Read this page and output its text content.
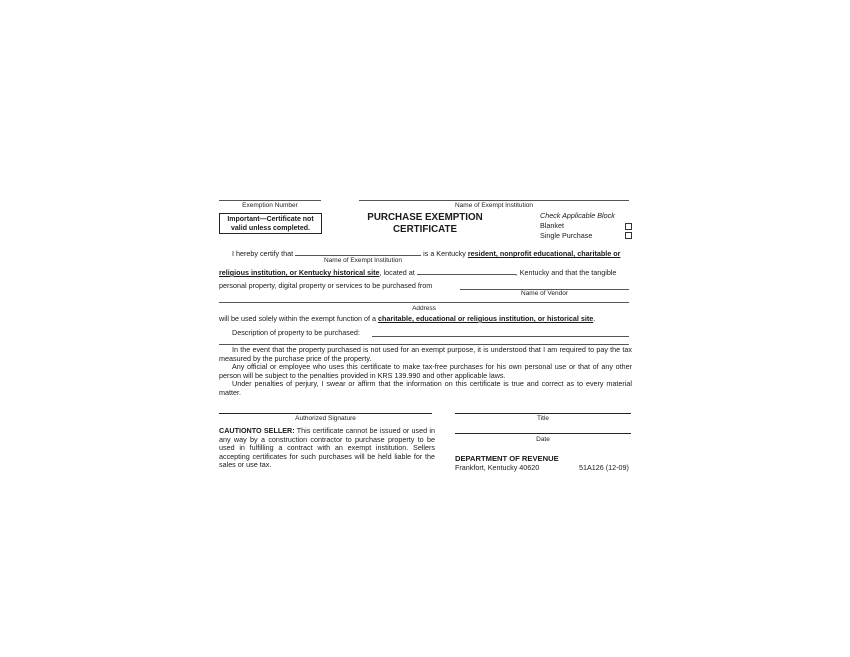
Exemption Number	Name of Exempt Institution
Important—Certificate not
valid unless completed.
PURCHASE EXEMPTION
CERTIFICATE
Check Applicable Block
Blanket
Single Purchase
I hereby certify that	is a Kentucky resident, nonprofit educational, charitable or
Name of Exempt Institution
religious institution, or Kentucky historical site, located at	, Kentucky and that the tangible
personal property, digital property or services to be purchased from
Name of Vendor
Address
will be used solely within the exempt function of a charitable, educational or religious institution, or historical site.
Description of property to be purchased:
In the event that the property purchased is not used for an exempt purpose, it is understood that I am required to pay the tax measured by the purchase price of the property.
Any official or employee who uses this certificate to make tax-free purchases for his own personal use or that of any other person will be subject to the penalties provided in KRS 139.990 and other applicable laws.
Under penalties of perjury, I swear or affirm that the information on this certificate is true and correct as to every material matter.
Authorized Signature	Title
Date
CAUTIONTO SELLER: This certificate cannot be issued or used in any way by a construction contractor to purchase property to be used in fulfilling a contract with an exempt institution. Sellers accepting certificates for such purchases will be held liable for the sales or use tax.
DEPARTMENT OF REVENUE
Frankfort, Kentucky 40620	51A126 (12-09)
